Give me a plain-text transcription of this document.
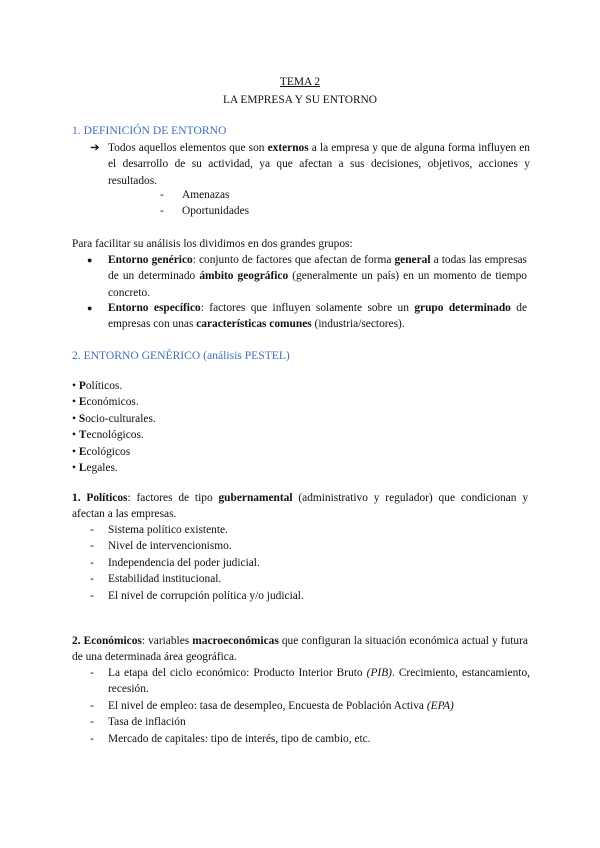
TEMA 2
LA EMPRESA Y SU ENTORNO
1. DEFINICIÓN DE ENTORNO
➔ Todos aquellos elementos que son externos a la empresa y que de alguna forma influyen en el desarrollo de su actividad, ya que afectan a sus decisiones, objetivos, acciones y resultados.
- Amenazas
- Oportunidades
Para facilitar su análisis los dividimos en dos grandes grupos:
● Entorno genérico: conjunto de factores que afectan de forma general a todas las empresas de un determinado ámbito geográfico (generalmente un país) en un momento de tiempo concreto.
● Entorno específico: factores que influyen solamente sobre un grupo determinado de empresas con unas características comunes (industria/sectores).
2. ENTORNO GENÉRICO (análisis PESTEL)
• Políticos.
• Económicos.
• Socio-culturales.
• Tecnológicos.
• Ecológicos
• Legales.
1. Políticos: factores de tipo gubernamental (administrativo y regulador) que condicionan y afectan a las empresas.
- Sistema político existente.
- Nivel de intervencionismo.
- Independencia del poder judicial.
- Estabilidad institucional.
- El nivel de corrupción política y/o judicial.
2. Económicos: variables macroeconómicas que configuran la situación económica actual y futura de una determinada área geográfica.
- La etapa del ciclo económico: Producto Interior Bruto (PIB). Crecimiento, estancamiento, recesión.
- El nivel de empleo: tasa de desempleo, Encuesta de Población Activa (EPA)
- Tasa de inflación
- Mercado de capitales: tipo de interés, tipo de cambio, etc.
